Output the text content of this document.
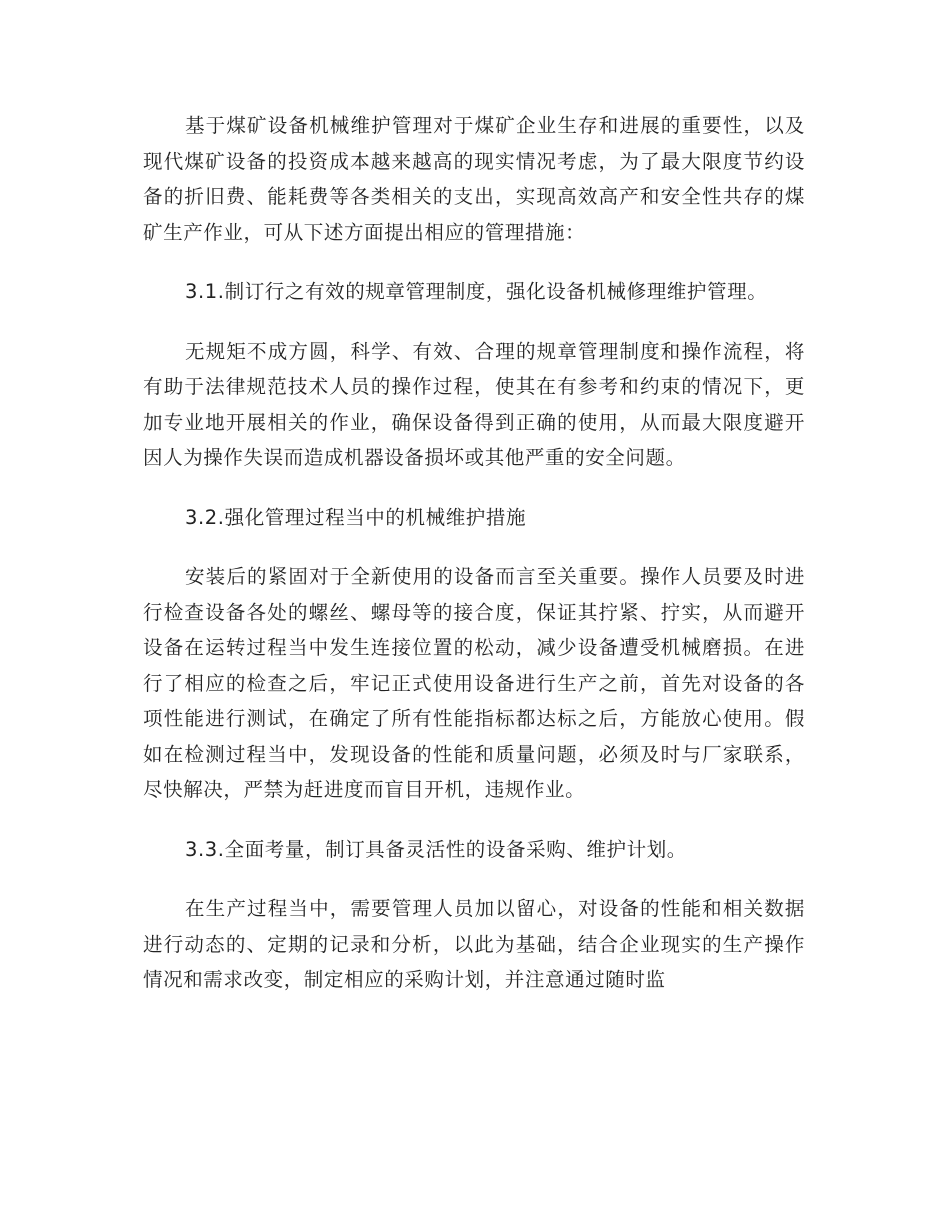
基于煤矿设备机械维护管理对于煤矿企业生存和进展的重要性，以及现代煤矿设备的投资成本越来越高的现实情况考虑，为了最大限度节约设备的折旧费、能耗费等各类相关的支出，实现高效高产和安全性共存的煤矿生产作业，可从下述方面提出相应的管理措施：

3.1.制订行之有效的规章管理制度，强化设备机械修理维护管理。

无规矩不成方圆，科学、有效、合理的规章管理制度和操作流程，将有助于法律规范技术人员的操作过程，使其在有参考和约束的情况下，更加专业地开展相关的作业，确保设备得到正确的使用，从而最大限度避开因人为操作失误而造成机器设备损坏或其他严重的安全问题。

3.2.强化管理过程当中的机械维护措施

安装后的紧固对于全新使用的设备而言至关重要。操作人员要及时进行检查设备各处的螺丝、螺母等的接合度，保证其拧紧、拧实，从而避开设备在运转过程当中发生连接位置的松动，减少设备遭受机械磨损。在进行了相应的检查之后，牢记正式使用设备进行生产之前，首先对设备的各项性能进行测试，在确定了所有性能指标都达标之后，方能放心使用。假如在检测过程当中，发现设备的性能和质量问题，必须及时与厂家联系，尽快解决，严禁为赶进度而盲目开机，违规作业。

3.3.全面考量，制订具备灵活性的设备采购、维护计划。

在生产过程当中，需要管理人员加以留心，对设备的性能和相关数据进行动态的、定期的记录和分析，以此为基础，结合企业现实的生产操作情况和需求改变，制定相应的采购计划，并注意通过随时监
